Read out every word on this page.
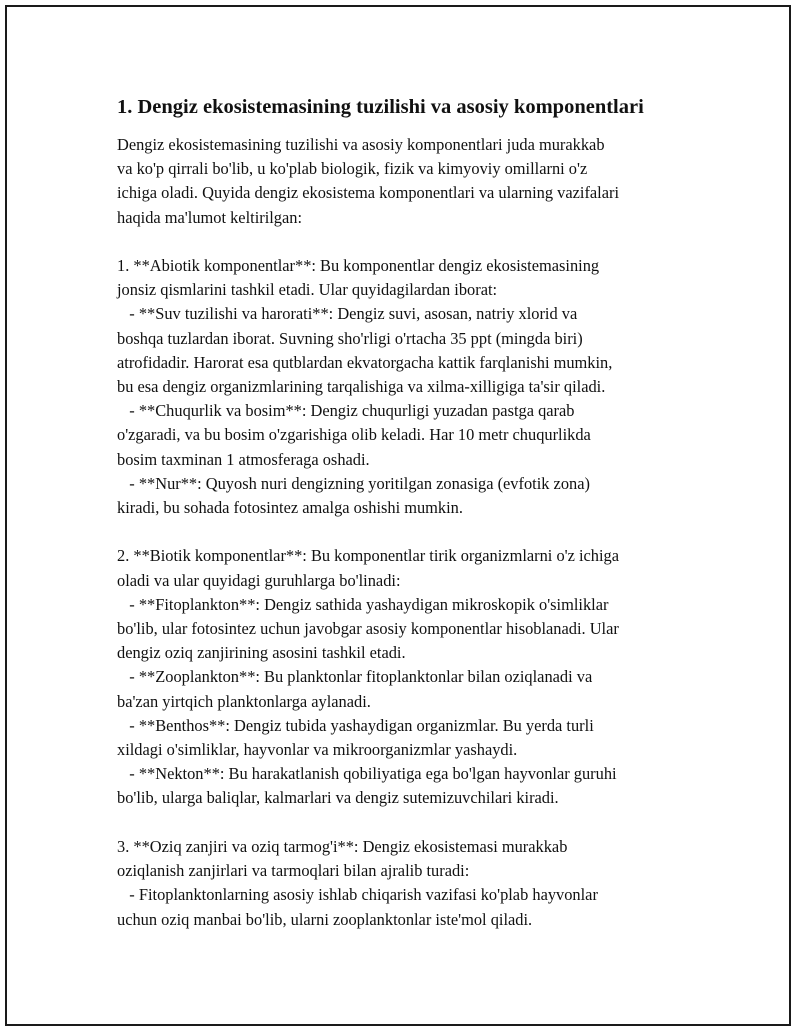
1. Dengiz ekosistemasining tuzilishi va asosiy komponentlari

Dengiz ekosistemasining tuzilishi va asosiy komponentlari juda murakkab
va ko'p qirrali bo'lib, u ko'plab biologik, fizik va kimyoviy omillarni o'z
ichiga oladi. Quyida dengiz ekosistema komponentlari va ularning vazifalari
haqida ma'lumot keltirilgan:

1. **Abiotik komponentlar**: Bu komponentlar dengiz ekosistemasining
jonsiz qismlarini tashkil etadi. Ular quyidagilardan iborat:
- **Suv tuzilishi va harorati**: Dengiz suvi, asosan, natriy xlorid va
boshqa tuzlardan iborat. Suvning sho'rligi o'rtacha 35 ppt (mingda biri)
atrofidadir. Harorat esa qutblardan ekvatorgacha kattik farqlanishi mumkin,
bu esa dengiz organizmlarining tarqalishiga va xilma-xilligiga ta'sir qiladi.
- **Chuqurlik va bosim**: Dengiz chuqurligi yuzadan pastga qarab
o'zgaradi, va bu bosim o'zgarishiga olib keladi. Har 10 metr chuqurlikda
bosim taxminan 1 atmosferaga oshadi.
- **Nur**: Quyosh nuri dengizning yoritilgan zonasiga (evfotik zona)
kiradi, bu sohada fotosintez amalga oshishi mumkin.

2. **Biotik komponentlar**: Bu komponentlar tirik organizmlarni o'z ichiga
oladi va ular quyidagi guruhlarga bo'linadi:
- **Fitoplankton**: Dengiz sathida yashaydigan mikroskopik o'simliklar
bo'lib, ular fotosintez uchun javobgar asosiy komponentlar hisoblanadi. Ular
dengiz oziq zanjirining asosini tashkil etadi.
- **Zooplankton**: Bu planktonlar fitoplanktonlar bilan oziqlanadi va
ba'zan yirtqich planktonlarga aylanadi.
- **Benthos**: Dengiz tubida yashaydigan organizmlar. Bu yerda turli
xildagi o'simliklar, hayvonlar va mikroorganizmlar yashaydi.
- **Nekton**: Bu harakatlanish qobiliyatiga ega bo'lgan hayvonlar guruhi
bo'lib, ularga baliqlar, kalmarlari va dengiz sutemizuvchilari kiradi.

3. **Oziq zanjiri va oziq tarmog'i**: Dengiz ekosistemasi murakkab
oziqlanish zanjirlari va tarmoqlari bilan ajralib turadi:
- Fitoplanktonlarning asosiy ishlab chiqarish vazifasi ko'plab hayvonlar
uchun oziq manbai bo'lib, ularni zooplanktonlar iste'mol qiladi.
